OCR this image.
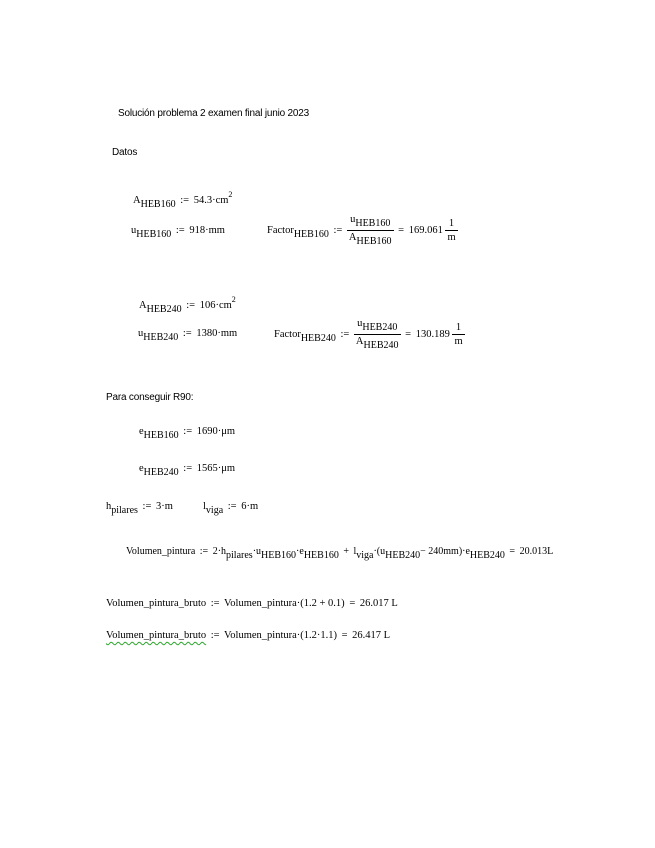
Solución problema 2 examen final junio 2023
Datos
AHEB160 := $54.3\cdot cm^2$
uHEB160 := 918·mm	FactorHEB160 := $\frac{\text{uHEB160}}{\text{AHEB160}} = 169.061 \frac{1}{m}$
AHEB240 := $106\cdot cm^2$
uHEB240 := 1380·mm	FactorHEB240 := $\frac{\text{uHEB240}}{\text{AHEB240}} = 130.189 \frac{1}{m}$
Para conseguir R90:
eHEB160 := 1690·μm
eHEB240 := 1565·μm
hpilares := 3·m	lviga := 6·m
Volumen_pintura := 2·hpilares·uHEB160·eHEB160 + lviga·(uHEB240− 240mm)·eHEB240 = 20.013L
Volumen_pintura_bruto := Volumen_pintura·(1.2 + 0.1) = 26.017 L
Volumen_pintura_bruto := Volumen_pintura·(1.2·1.1) = 26.417 L
